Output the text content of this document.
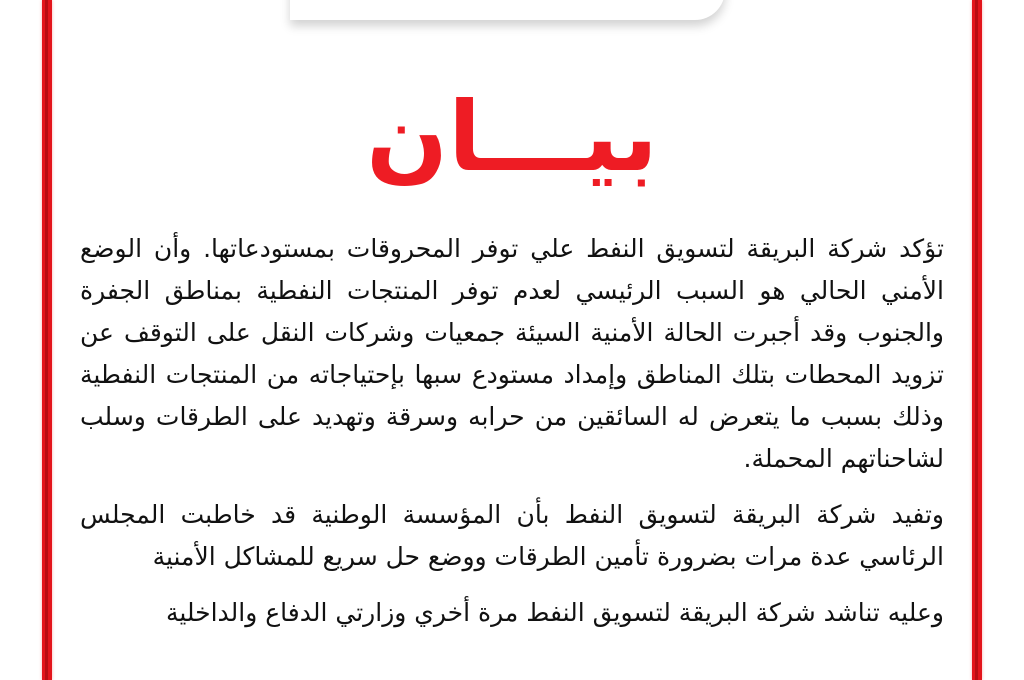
بيـــان

تؤكد شركة البريقة لتسويق النفط علي توفر المحروقات بمستودعاتها. وأن الوضع الأمني الحالي هو السبب الرئيسي لعدم توفر المنتجات النفطية بمناطق الجفرة والجنوب وقد أجبرت الحالة الأمنية السيئة جمعيات وشركات النقل على التوقف عن تزويد المحطات بتلك المناطق وإمداد مستودع سبها بإحتياجاته من المنتجات النفطية وذلك بسبب ما يتعرض له السائقين من حرابه وسرقة وتهديد على الطرقات وسلب لشاحناتهم المحملة.

وتفيد شركة البريقة لتسويق النفط بأن المؤسسة الوطنية قد خاطبت المجلس الرئاسي عدة مرات بضرورة تأمين الطرقات ووضع حل سريع للمشاكل الأمنية

وعليه تناشد شركة البريقة لتسويق النفط مرة أخري وزارتي الدفاع والداخلية
